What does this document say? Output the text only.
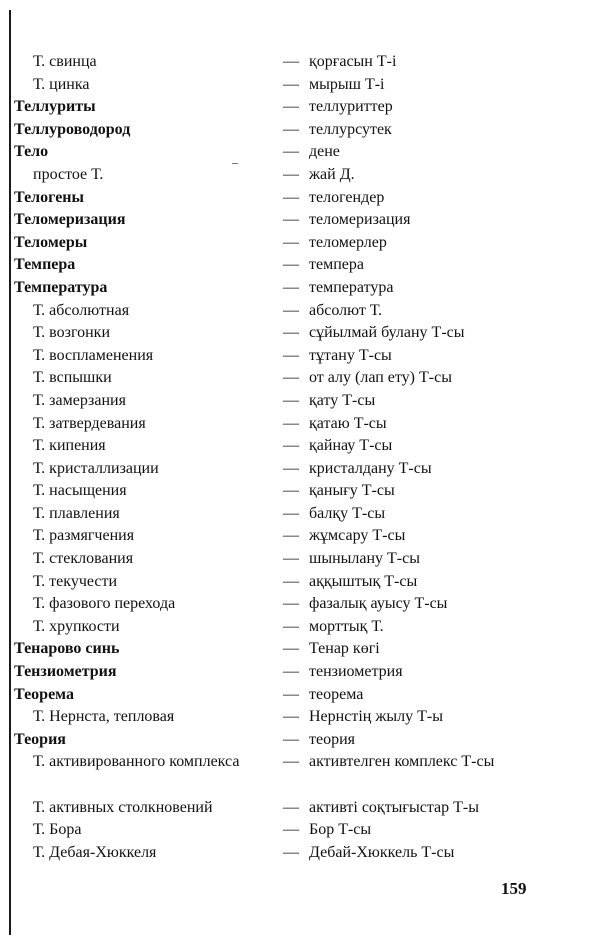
Т. свинца	— қорғасын Т-і
Т. цинка	— мырыш Т-і
Теллуриты	— теллуриттер
Теллуроводород	— теллурсутек
Тело	— дене
простое Т.	— жай Д.
Телогены	— телогендер
Теломеризация	— теломеризация
Теломеры	— теломерлер
Темпера	— темпера
Температура	— температура
Т. абсолютная	— абсолют Т.
Т. возгонки	— сұйылмай булану Т-сы
Т. воспламенения	— тұтану Т-сы
Т. вспышки	— от алу (лап ету) Т-сы
Т. замерзания	— қату Т-сы
Т. затвердевания	— қатаю Т-сы
Т. кипения	— қайнау Т-сы
Т. кристаллизации	— кристалдану Т-сы
Т. насыщения	— қанығу Т-сы
Т. плавления	— балқу Т-сы
Т. размягчения	— жұмсару Т-сы
Т. стеклования	— шынылану Т-сы
Т. текучести	— аққыштық Т-сы
Т. фазового перехода	— фазалық ауысу Т-сы
Т. хрупкости	— морттық Т.
Тенарово синь	— Тенар көгі
Тензиометрия	— тензиометрия
Теорема	— теорема
Т. Нернста, тепловая	— Нернстің жылу Т-ы
Теория	— теория
Т. активированного комплекса	— активтелген комплекс Т-сы
Т. активных столкновений	— активті соқтығыстар Т-ы
Т. Бора	— Бор Т-сы
Т. Дебая-Хюккеля	— Дебай-Хюккель Т-сы
159
